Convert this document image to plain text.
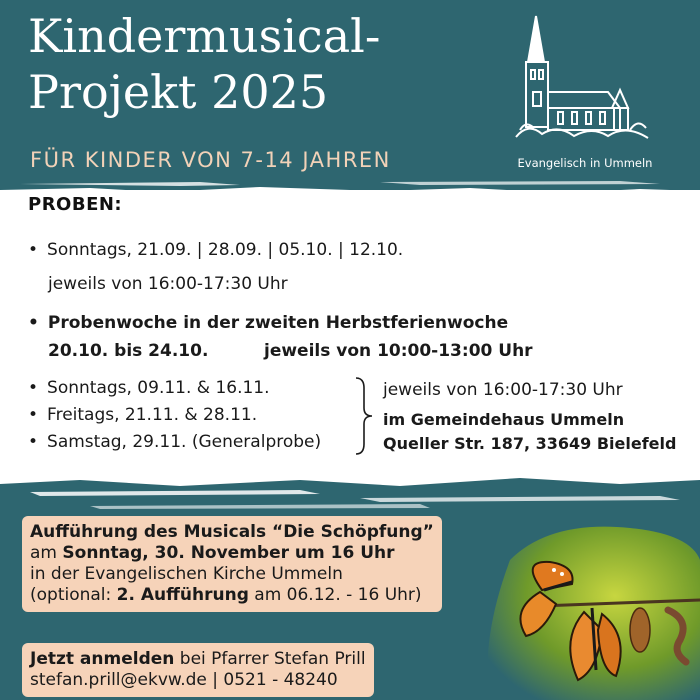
Kindermusical-
Projekt 2025
FÜR KINDER VON 7-14 JAHREN	Evangelisch in Ummeln
PROBEN:
• Sonntags, 21.09. | 28.09. | 05.10. | 12.10.
jeweils von 16:00-17:30 Uhr
• Probenwoche in der zweiten Herbstferienwoche
20.10. bis 24.10.	jeweils von 10:00-13:00 Uhr
• Sonntags, 09.11. & 16.11.
• Freitags, 21.11. & 28.11.
• Samstag, 29.11. (Generalprobe)
jeweils von 16:00-17:30 Uhr
im Gemeindehaus Ummeln
Queller Str. 187, 33649 Bielefeld
Aufführung des Musicals “Die Schöpfung”
am Sonntag, 30. November um 16 Uhr
in der Evangelischen Kirche Ummeln
(optional: 2. Aufführung am 06.12. - 16 Uhr)
Jetzt anmelden bei Pfarrer Stefan Prill
stefan.prill@ekvw.de | 0521 - 48240
